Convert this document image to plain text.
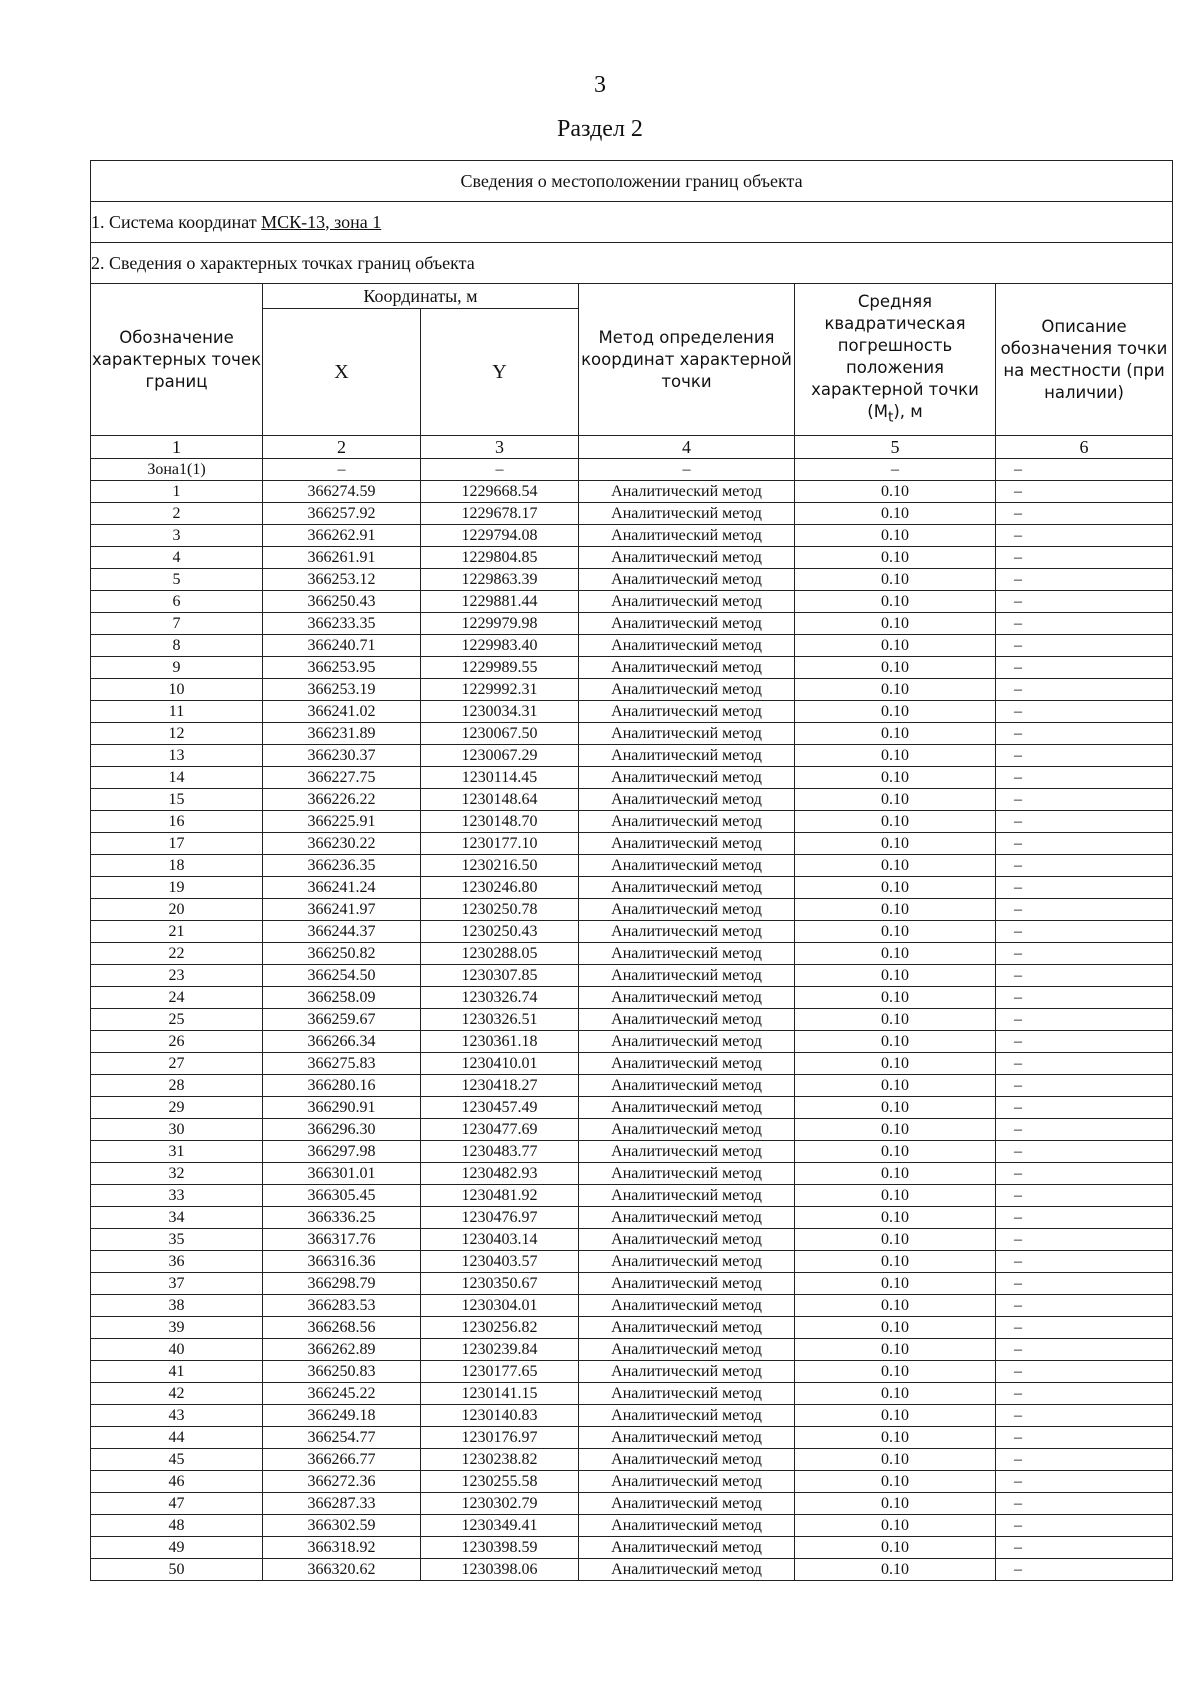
3
Раздел 2
Сведения о местоположении границ объекта					
1. Система координат МСК-13, зона 1					
2. Сведения о характерных точках границ объекта					
Обозначение характерных точек границ	Координаты, м		Метод определения координат характерной точки	Средняя квадратическая погрешность положения характерной точки $(M_t)$, м	Описание обозначения точки на местности (при наличии)
	X	Y			
1	2	3	4	5	6
Зона1(1)	–	–	–	–	–
1	366274.59	1229668.54	Аналитический метод	0.10	–
2	366257.92	1229678.17	Аналитический метод	0.10	–
3	366262.91	1229794.08	Аналитический метод	0.10	–
4	366261.91	1229804.85	Аналитический метод	0.10	–
5	366253.12	1229863.39	Аналитический метод	0.10	–
6	366250.43	1229881.44	Аналитический метод	0.10	–
7	366233.35	1229979.98	Аналитический метод	0.10	–
8	366240.71	1229983.40	Аналитический метод	0.10	–
9	366253.95	1229989.55	Аналитический метод	0.10	–
10	366253.19	1229992.31	Аналитический метод	0.10	–
11	366241.02	1230034.31	Аналитический метод	0.10	–
12	366231.89	1230067.50	Аналитический метод	0.10	–
13	366230.37	1230067.29	Аналитический метод	0.10	–
14	366227.75	1230114.45	Аналитический метод	0.10	–
15	366226.22	1230148.64	Аналитический метод	0.10	–
16	366225.91	1230148.70	Аналитический метод	0.10	–
17	366230.22	1230177.10	Аналитический метод	0.10	–
18	366236.35	1230216.50	Аналитический метод	0.10	–
19	366241.24	1230246.80	Аналитический метод	0.10	–
20	366241.97	1230250.78	Аналитический метод	0.10	–
21	366244.37	1230250.43	Аналитический метод	0.10	–
22	366250.82	1230288.05	Аналитический метод	0.10	–
23	366254.50	1230307.85	Аналитический метод	0.10	–
24	366258.09	1230326.74	Аналитический метод	0.10	–
25	366259.67	1230326.51	Аналитический метод	0.10	–
26	366266.34	1230361.18	Аналитический метод	0.10	–
27	366275.83	1230410.01	Аналитический метод	0.10	–
28	366280.16	1230418.27	Аналитический метод	0.10	–
29	366290.91	1230457.49	Аналитический метод	0.10	–
30	366296.30	1230477.69	Аналитический метод	0.10	–
31	366297.98	1230483.77	Аналитический метод	0.10	–
32	366301.01	1230482.93	Аналитический метод	0.10	–
33	366305.45	1230481.92	Аналитический метод	0.10	–
34	366336.25	1230476.97	Аналитический метод	0.10	–
35	366317.76	1230403.14	Аналитический метод	0.10	–
36	366316.36	1230403.57	Аналитический метод	0.10	–
37	366298.79	1230350.67	Аналитический метод	0.10	–
38	366283.53	1230304.01	Аналитический метод	0.10	–
39	366268.56	1230256.82	Аналитический метод	0.10	–
40	366262.89	1230239.84	Аналитический метод	0.10	–
41	366250.83	1230177.65	Аналитический метод	0.10	–
42	366245.22	1230141.15	Аналитический метод	0.10	–
43	366249.18	1230140.83	Аналитический метод	0.10	–
44	366254.77	1230176.97	Аналитический метод	0.10	–
45	366266.77	1230238.82	Аналитический метод	0.10	–
46	366272.36	1230255.58	Аналитический метод	0.10	–
47	366287.33	1230302.79	Аналитический метод	0.10	–
48	366302.59	1230349.41	Аналитический метод	0.10	–
49	366318.92	1230398.59	Аналитический метод	0.10	–
50	366320.62	1230398.06	Аналитический метод	0.10	–
